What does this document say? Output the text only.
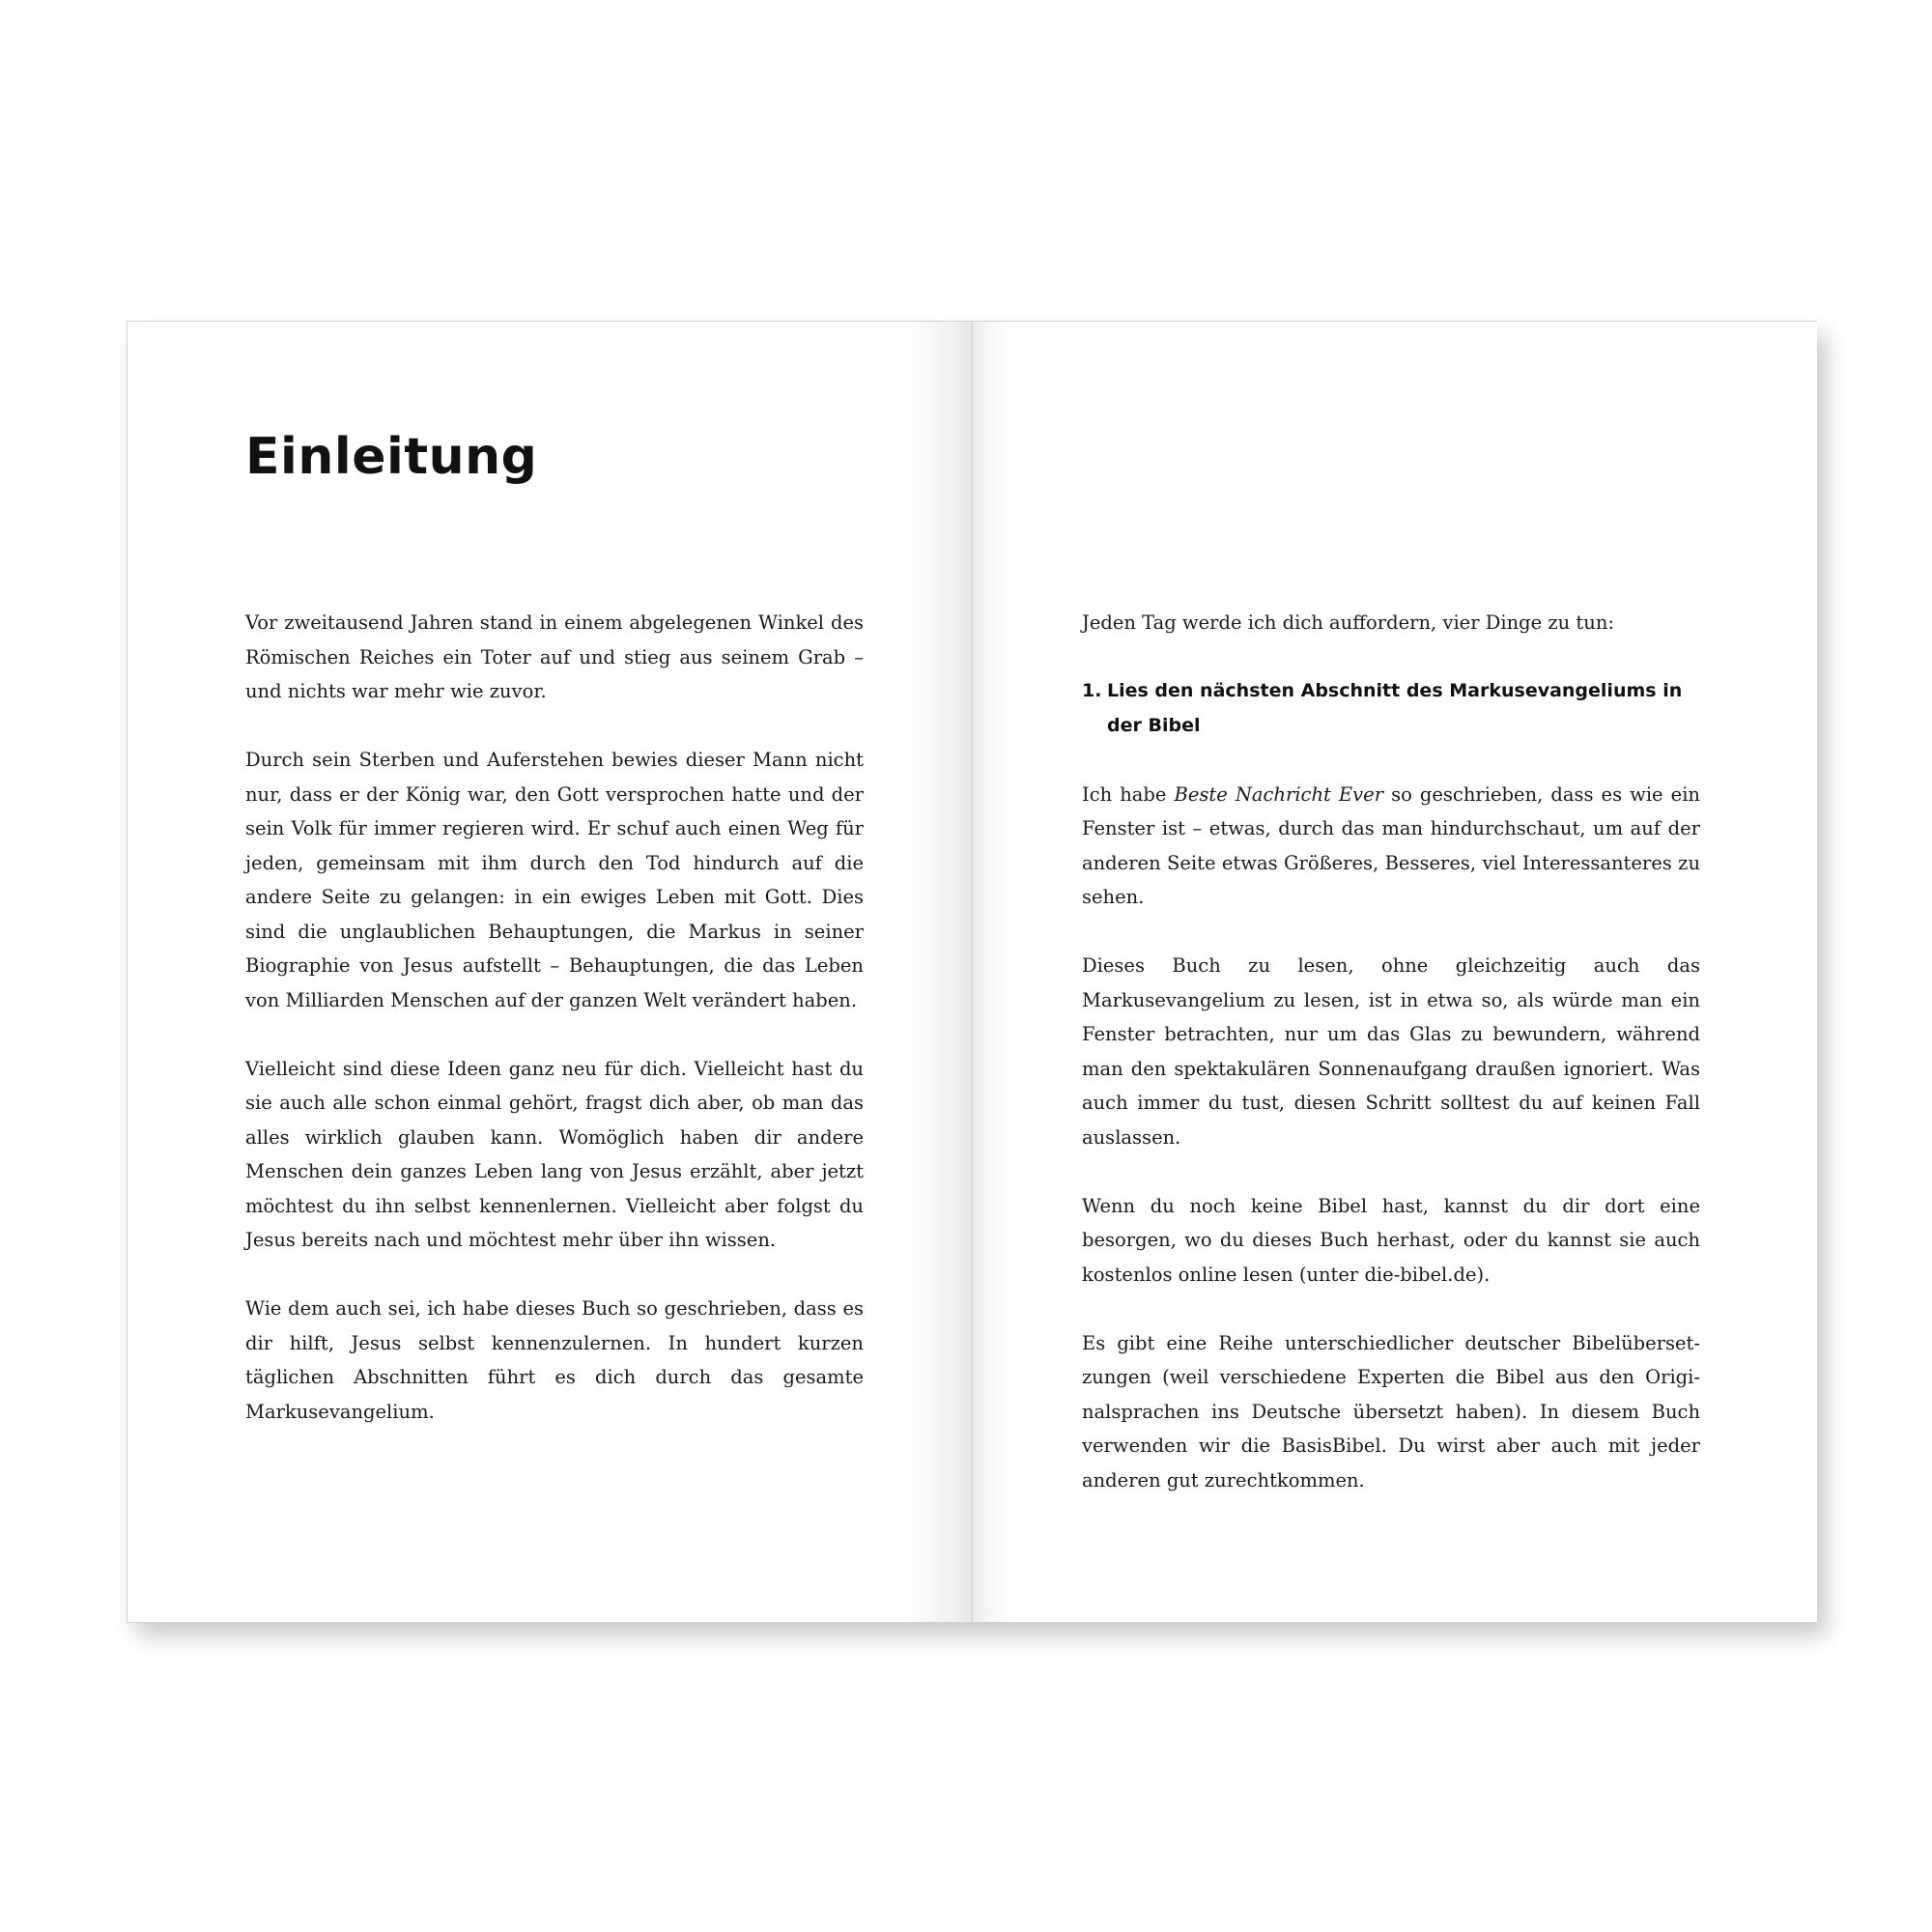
Einleitung

Vor zweitausend Jahren stand in einem abgelegenen Winkel des Römischen Reiches ein Toter auf und stieg aus seinem Grab – und nichts war mehr wie zuvor.

Durch sein Sterben und Auferstehen bewies dieser Mann nicht nur, dass er der König war, den Gott versprochen hatte und der sein Volk für immer regieren wird. Er schuf auch einen Weg für jeden, gemeinsam mit ihm durch den Tod hindurch auf die andere Seite zu gelangen: in ein ewiges Leben mit Gott. Dies sind die unglaublichen Behauptungen, die Markus in seiner Biographie von Jesus aufstellt – Behauptungen, die das Leben von Milliarden Menschen auf der ganzen Welt verändert haben.

Vielleicht sind diese Ideen ganz neu für dich. Vielleicht hast du sie auch alle schon einmal gehört, fragst dich aber, ob man das alles wirklich glauben kann. Womöglich haben dir andere Menschen dein ganzes Leben lang von Jesus erzählt, aber jetzt möchtest du ihn selbst kennenlernen. Vielleicht aber folgst du Jesus bereits nach und möchtest mehr über ihn wissen.

Wie dem auch sei, ich habe dieses Buch so geschrieben, dass es dir hilft, Jesus selbst kennenzulernen. In hundert kurzen täglichen Abschnitten führt es dich durch das gesamte Markusevangelium.

Jeden Tag werde ich dich auffordern, vier Dinge zu tun:

1. Lies den nächsten Abschnitt des Markusevangeliums in der Bibel

Ich habe Beste Nachricht Ever so geschrieben, dass es wie ein Fenster ist – etwas, durch das man hindurchschaut, um auf der anderen Seite etwas Größeres, Besseres, viel Interessanteres zu sehen.

Dieses Buch zu lesen, ohne gleichzeitig auch das Markusevangelium zu lesen, ist in etwa so, als würde man ein Fenster betrachten, nur um das Glas zu bewundern, während man den spektakulären Sonnenaufgang draußen ignoriert. Was auch immer du tust, diesen Schritt solltest du auf keinen Fall auslassen.

Wenn du noch keine Bibel hast, kannst du dir dort eine besorgen, wo du dieses Buch herhast, oder du kannst sie auch kostenlos online lesen (unter die-bibel.de).

Es gibt eine Reihe unterschiedlicher deutscher Bibelübersetzungen (weil verschiedene Experten die Bibel aus den Originalsprachen ins Deutsche übersetzt haben). In diesem Buch verwenden wir die BasisBibel. Du wirst aber auch mit jeder anderen gut zurechtkommen.
